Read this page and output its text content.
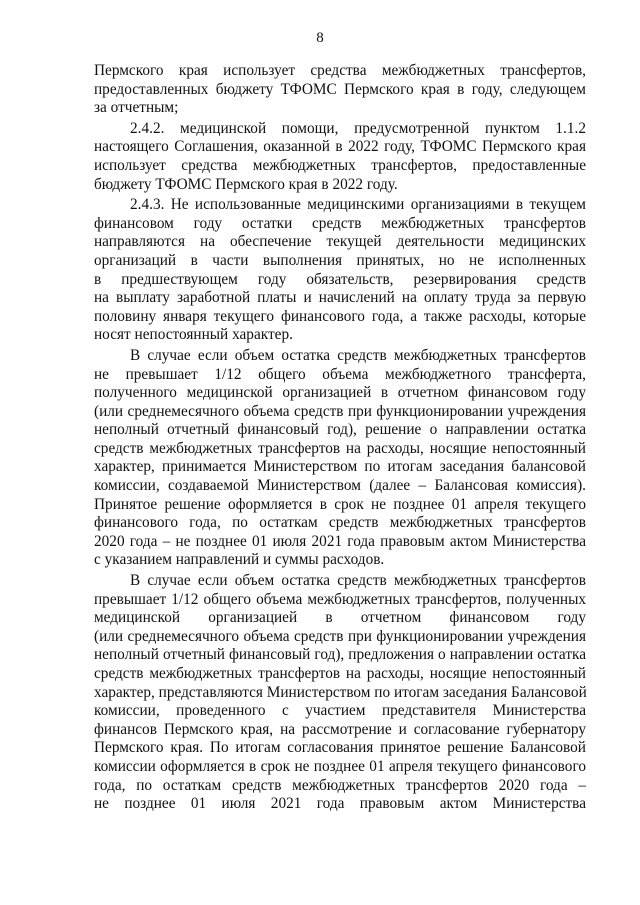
8

Пермского края использует средства межбюджетных трансфертов,
предоставленных бюджету ТФОМС Пермского края в году, следующем
за отчетным;

2.4.2. медицинской помощи, предусмотренной пунктом 1.1.2
настоящего Соглашения, оказанной в 2022 году, ТФОМС Пермского края
использует средства межбюджетных трансфертов, предоставленные
бюджету ТФОМС Пермского края в 2022 году.

2.4.3. Не использованные медицинскими организациями в текущем
финансовом году остатки средств межбюджетных трансфертов
направляются на обеспечение текущей деятельности медицинских
организаций в части выполнения принятых, но не исполненных
в предшествующем году обязательств, резервирования средств
на выплату заработной платы и начислений на оплату труда за первую
половину января текущего финансового года, а также расходы, которые
носят непостоянный характер.

В случае если объем остатка средств межбюджетных трансфертов
не превышает 1/12 общего объема межбюджетного трансферта,
полученного медицинской организацией в отчетном финансовом году
(или среднемесячного объема средств при функционировании учреждения
неполный отчетный финансовый год), решение о направлении остатка
средств межбюджетных трансфертов на расходы, носящие непостоянный
характер, принимается Министерством по итогам заседания балансовой
комиссии, создаваемой Министерством (далее – Балансовая комиссия).
Принятое решение оформляется в срок не позднее 01 апреля текущего
финансового года, по остаткам средств межбюджетных трансфертов
2020 года – не позднее 01 июля 2021 года правовым актом Министерства
с указанием направлений и суммы расходов.

В случае если объем остатка средств межбюджетных трансфертов
превышает 1/12 общего объема межбюджетных трансфертов, полученных
медицинской организацией в отчетном финансовом году
(или среднемесячного объема средств при функционировании учреждения
неполный отчетный финансовый год), предложения о направлении остатка
средств межбюджетных трансфертов на расходы, носящие непостоянный
характер, представляются Министерством по итогам заседания Балансовой
комиссии, проведенного с участием представителя Министерства
финансов Пермского края, на рассмотрение и согласование губернатору
Пермского края. По итогам согласования принятое решение Балансовой
комиссии оформляется в срок не позднее 01 апреля текущего финансового
года, по остаткам средств межбюджетных трансфертов 2020 года –
не позднее 01 июля 2021 года правовым актом Министерства
